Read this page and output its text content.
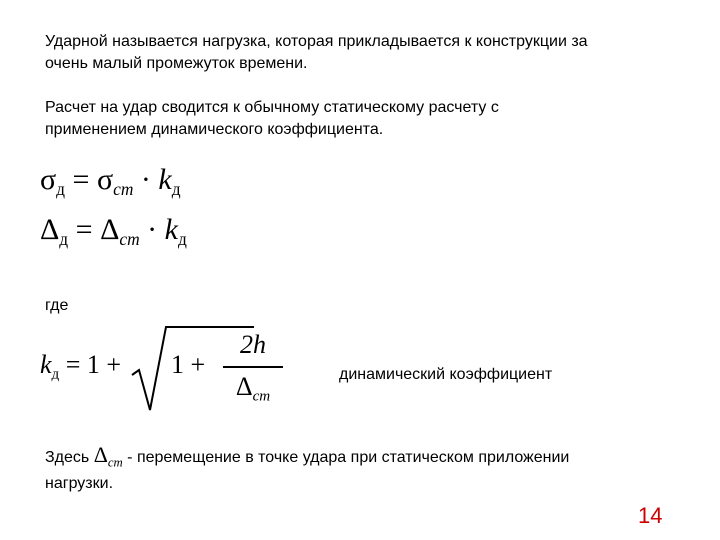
Ударной называется нагрузка, которая прикладывается к конструкции за
очень малый промежуток времени.
Расчет на удар сводится к обычному статическому расчету с
применением динамического коэффициента.
$\sigma_д = \sigma_{ст} \cdot k_д$
$\Delta_д = \Delta_{ст} \cdot k_д$
где
$k_д = 1 + 1$ +
2h
$\Delta_{ст}$
динамический коэффициент
Здесь $\Delta_{ст}$ - перемещение в точке удара при статическом приложении
нагрузки.
14
